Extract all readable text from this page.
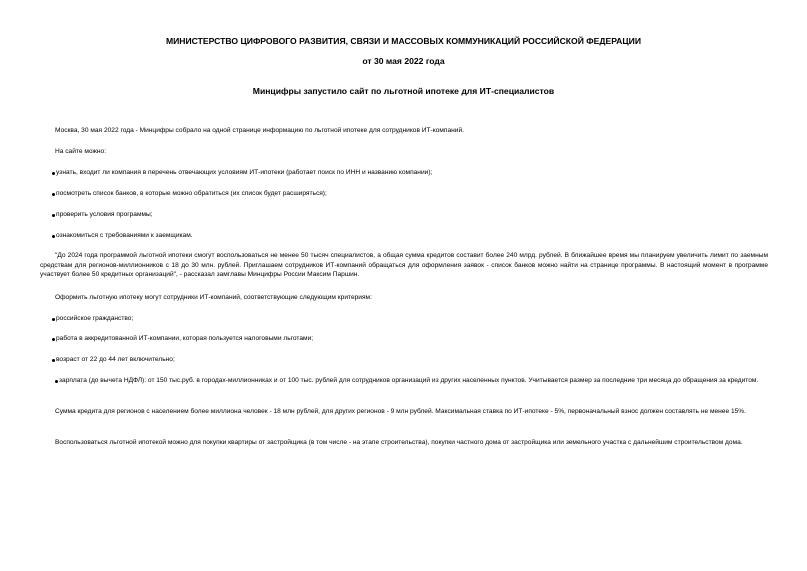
МИНИСТЕРСТВО ЦИФРОВОГО РАЗВИТИЯ, СВЯЗИ И МАССОВЫХ КОММУНИКАЦИЙ РОССИЙСКОЙ ФЕДЕРАЦИИ
от 30 мая 2022 года
Минцифры запустило сайт по льготной ипотеке для ИТ-специалистов
Москва, 30 мая 2022 года - Минцифры собрало на одной странице информацию по льготной ипотеке для сотрудников ИТ-компаний.
На сайте можно:
узнать, входит ли компания в перечень отвечающих условиям ИТ-ипотеки (работает поиск по ИНН и названию компании);
посмотреть список банков, в которые можно обратиться (их список будет расширяться);
проверить условия программы;
ознакомиться с требованиями к заемщикам.
"До 2024 года программой льготной ипотеки смогут воспользоваться не менее 50 тысяч специалистов, а общая сумма кредитов составит более 240 млрд. рублей. В ближайшее время мы планируем увеличить лимит по заемным средствам для регионов-миллионников с 18 до 30 млн. рублей. Приглашаем сотрудников ИТ-компаний обращаться для оформления заявок - список банков можно найти на странице программы. В настоящий момент в программе участвует более 50 кредитных организаций", - рассказал замглавы Минцифры России Максим Паршин.
Оформить льготную ипотеку могут сотрудники ИТ-компаний, соответствующие следующим критериям:
российское гражданство;
работа в аккредитованной ИТ-компании, которая пользуется налоговыми льготами;
возраст от 22 до 44 лет включительно;
зарплата (до вычета НДФЛ): от 150 тыс.руб. в городах-миллионниках и от 100 тыс. рублей для сотрудников организаций из других населенных пунктов. Учитывается размер за последние три месяца до обращения за кредитом.
Сумма кредита для регионов с населением более миллиона человек - 18 млн рублей, для других регионов - 9 млн рублей. Максимальная ставка по ИТ-ипотеке - 5%, первоначальный взнос должен составлять не менее 15%.
Воспользоваться льготной ипотекой можно для покупки квартиры от застройщика (в том числе - на этапе строительства), покупки частного дома от застройщика или земельного участка с дальнейшим строительством дома.
